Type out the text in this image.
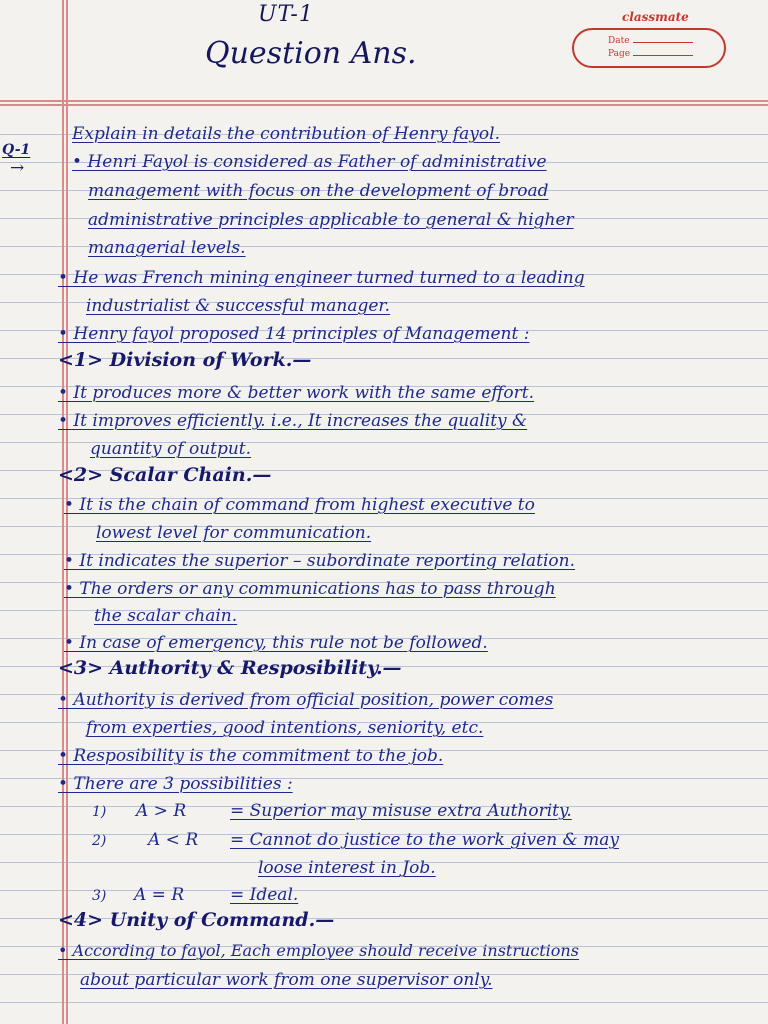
UT-1
Question Ans.
classmate
Date
Page
Q-1
Explain in details the contribution of Henry fayol.
→	• Henri Fayol is considered as Father of administrative
management with focus on the development of broad
administrative principles applicable to general & higher
managerial levels.
• He was French mining engineer turned turned to a leading
industrialist & successful manager.
• Henry fayol proposed 14 principles of Management :
<1> Division of Work.—
• It produces more & better work with the same effort.
• It improves efficiently. i.e., It increases the quality &
quantity of output.
<2> Scalar Chain.—
• It is the chain of command from highest executive to
lowest level for communication.
• It indicates the superior – subordinate reporting relation.
• The orders or any communications has to pass through
the scalar chain.
• In case of emergency, this rule not be followed.
<3> Authority & Resposibility.—
• Authority is derived from official position, power comes
from experties, good intentions, seniority, etc.
• Resposibility is the commitment to the job.
• There are 3 possibilities :
1) A > R	= Superior may misuse extra Authority.
2) A < R = Cannot do justice to the work given & may
loose interest in Job.
3) A = R	= Ideal.
<4> Unity of Command.—
• According to fayol, Each employee should receive instructions
about particular work from one supervisor only.
